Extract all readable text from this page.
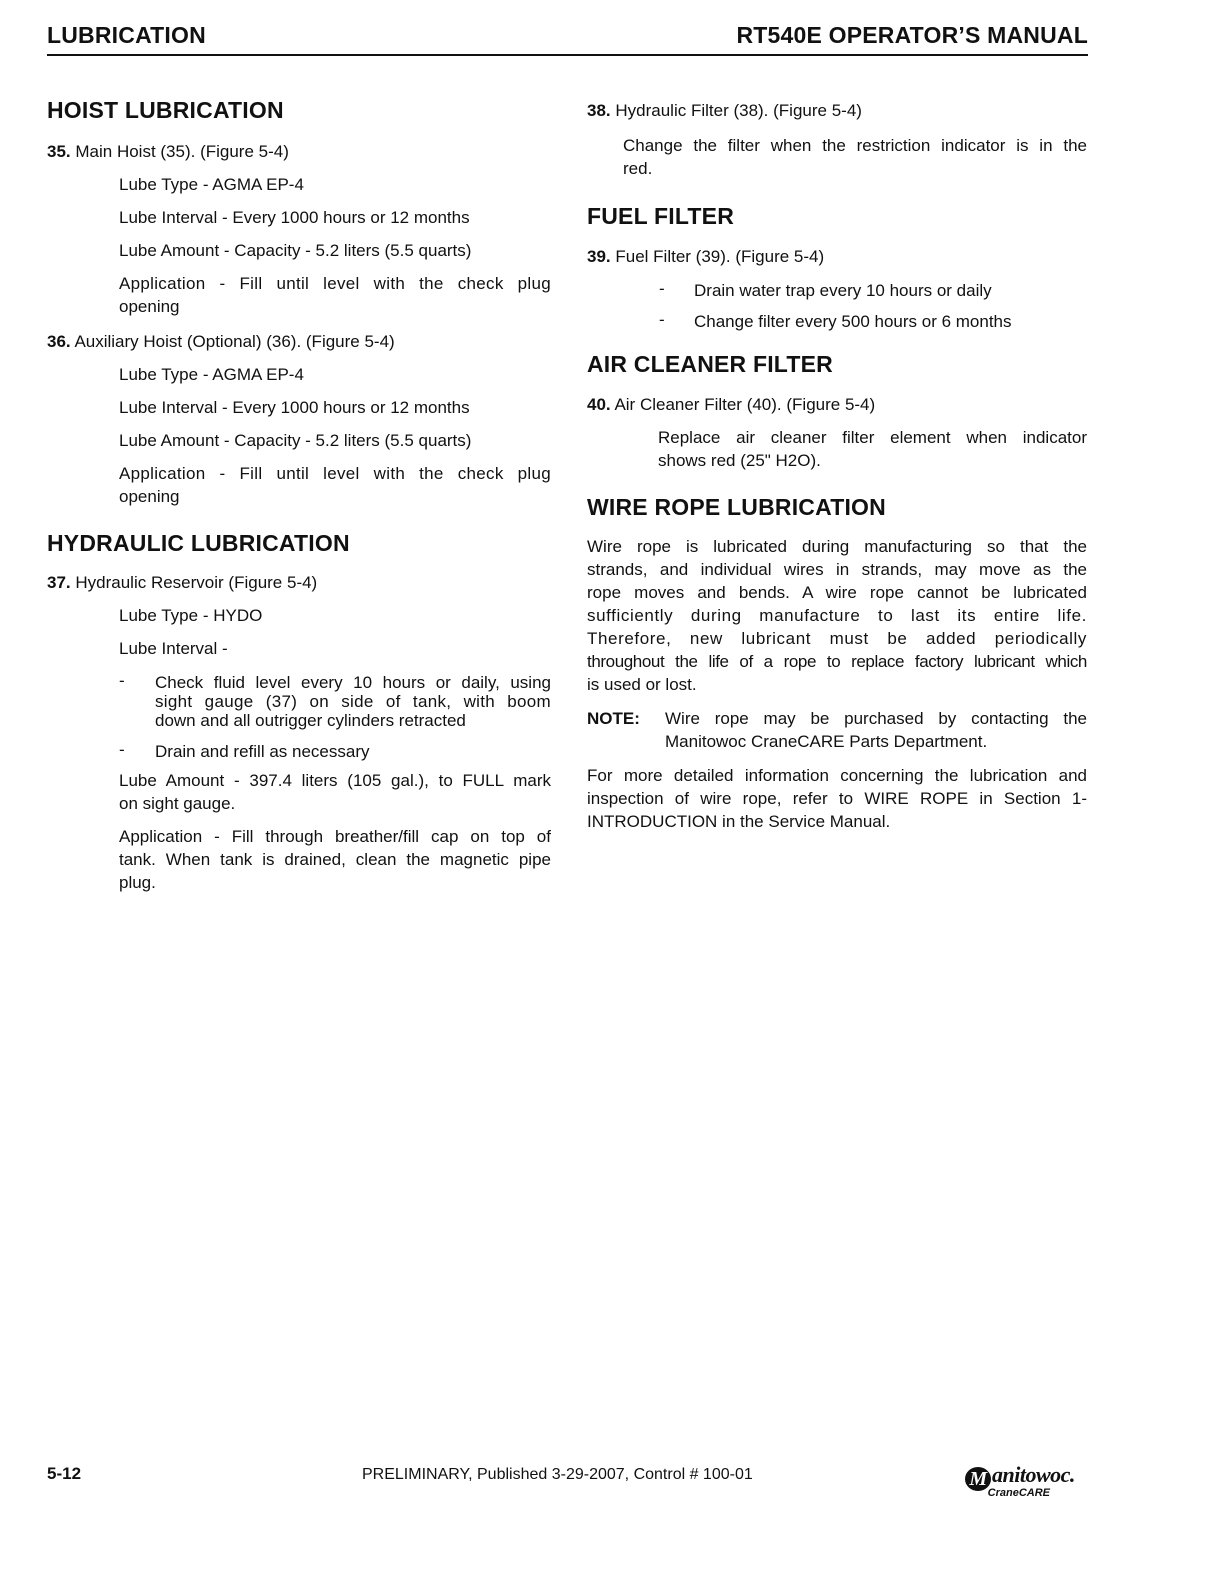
LUBRICATION	RT540E OPERATOR’S MANUAL
HOIST LUBRICATION
35. Main Hoist (35). (Figure 5-4)
Lube Type - AGMA EP-4
Lube Interval - Every 1000 hours or 12 months
Lube Amount - Capacity - 5.2 liters (5.5 quarts)
Application - Fill until level with the check plug
opening
36. Auxiliary Hoist (Optional) (36). (Figure 5-4)
Lube Type - AGMA EP-4
Lube Interval - Every 1000 hours or 12 months
Lube Amount - Capacity - 5.2 liters (5.5 quarts)
Application - Fill until level with the check plug
opening
HYDRAULIC LUBRICATION
37. Hydraulic Reservoir (Figure 5-4)
Lube Type - HYDO
Lube Interval -
- Check fluid level every 10 hours or daily, using
sight gauge (37) on side of tank, with boom
down and all outrigger cylinders retracted
- Drain and refill as necessary
Lube Amount - 397.4 liters (105 gal.), to FULL mark
on sight gauge.
Application - Fill through breather/fill cap on top of
tank. When tank is drained, clean the magnetic pipe
plug.
38. Hydraulic Filter (38). (Figure 5-4)
Change the filter when the restriction indicator is in the
red.
FUEL FILTER
39. Fuel Filter (39). (Figure 5-4)
- Drain water trap every 10 hours or daily
- Change filter every 500 hours or 6 months
AIR CLEANER FILTER
40. Air Cleaner Filter (40). (Figure 5-4)
Replace air cleaner filter element when indicator
shows red (25" H2O).
WIRE ROPE LUBRICATION
Wire rope is lubricated during manufacturing so that the
strands, and individual wires in strands, may move as the
rope moves and bends. A wire rope cannot be lubricated
sufficiently during manufacture to last its entire life.
Therefore, new lubricant must be added periodically
throughout the life of a rope to replace factory lubricant which
is used or lost.
NOTE: Wire rope may be purchased by contacting the
Manitowoc CraneCARE Parts Department.
For more detailed information concerning the lubrication and
inspection of wire rope, refer to WIRE ROPE in Section 1-
INTRODUCTION in the Service Manual.
5-12	PRELIMINARY, Published 3-29-2007, Control # 100-01	M anitowoc.
CraneCARE
